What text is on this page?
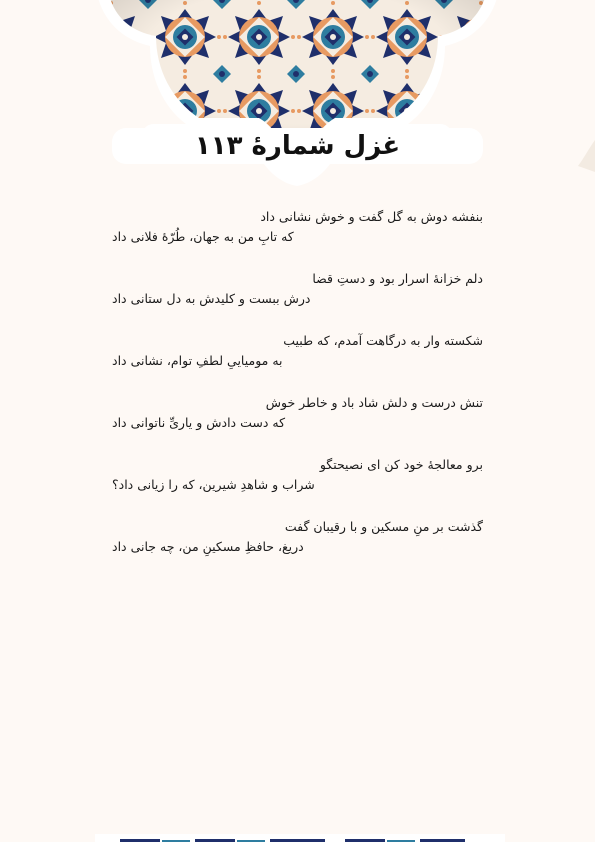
غزل شمارهٔ ۱۱۳
بنفشه دوش به گل گفت و خوش نشانی داد
که تابِ من به جهان، طُرّهٔ فلانی داد
دلم خزانهٔ اسرار بود و دستِ قضا
درش ببست و کلیدش به دل ستانی داد
شکسته وار به درگاهت آمدم، که طبیب
به مومیاییِ لطفِ توام، نشانی داد
تنش درست و دلش شاد باد و خاطر خوش
که دست دادش و یاریِّ ناتوانی داد
برو معالجهٔ خود کن ای نصیحتگو
شراب و شاهدِ شیرین، که را زیانی داد؟
گذشت بر منِ مسکین و با رقیبان گفت
دریغ، حافظِ مسکینِ من، چه جانی داد
